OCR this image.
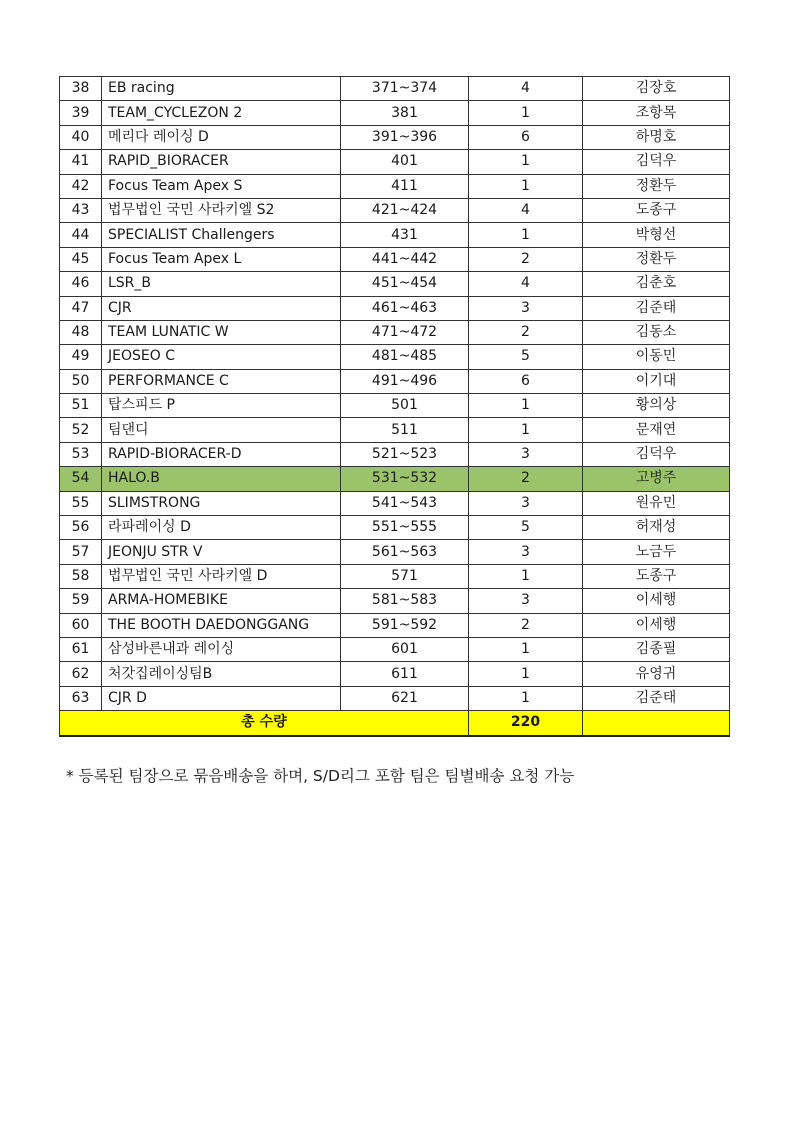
38	EB racing	371~374	4	김장호
39	TEAM_CYCLEZON 2	381	1	조항목
40	메리다 레이싱 D	391~396	6	하명호
41	RAPID_BIORACER	401	1	김덕우
42	Focus Team Apex S	411	1	정환두
43	법무법인 국민 사라키엘 S2	421~424	4	도종구
44	SPECIALIST Challengers	431	1	박형선
45	Focus Team Apex L	441~442	2	정환두
46	LSR_B	451~454	4	김춘호
47	CJR	461~463	3	김준태
48	TEAM LUNATIC W	471~472	2	김동소
49	JEOSEO C	481~485	5	이동민
50	PERFORMANCE C	491~496	6	이기대
51	탑스피드 P	501	1	황의상
52	팀댄디	511	1	문재연
53	RAPID-BIORACER-D	521~523	3	김덕우
54	HALO.B	531~532	2	고병주
55	SLIMSTRONG	541~543	3	원유민
56	라파레이싱 D	551~555	5	허재성
57	JEONJU STR V	561~563	3	노금두
58	법무법인 국민 사라키엘 D	571	1	도종구
59	ARMA-HOMEBIKE	581~583	3	이세행
60	THE BOOTH DAEDONGGANG	591~592	2	이세행
61	삼성바른내과 레이싱	601	1	김종필
62	처갓집레이싱팀B	611	1	유영귀
63	CJR D	621	1	김준태
총 수량			220	
* 등록된 팀장으로 묶음배송을 하며, S/D리그 포함 팀은 팀별배송 요청 가능
